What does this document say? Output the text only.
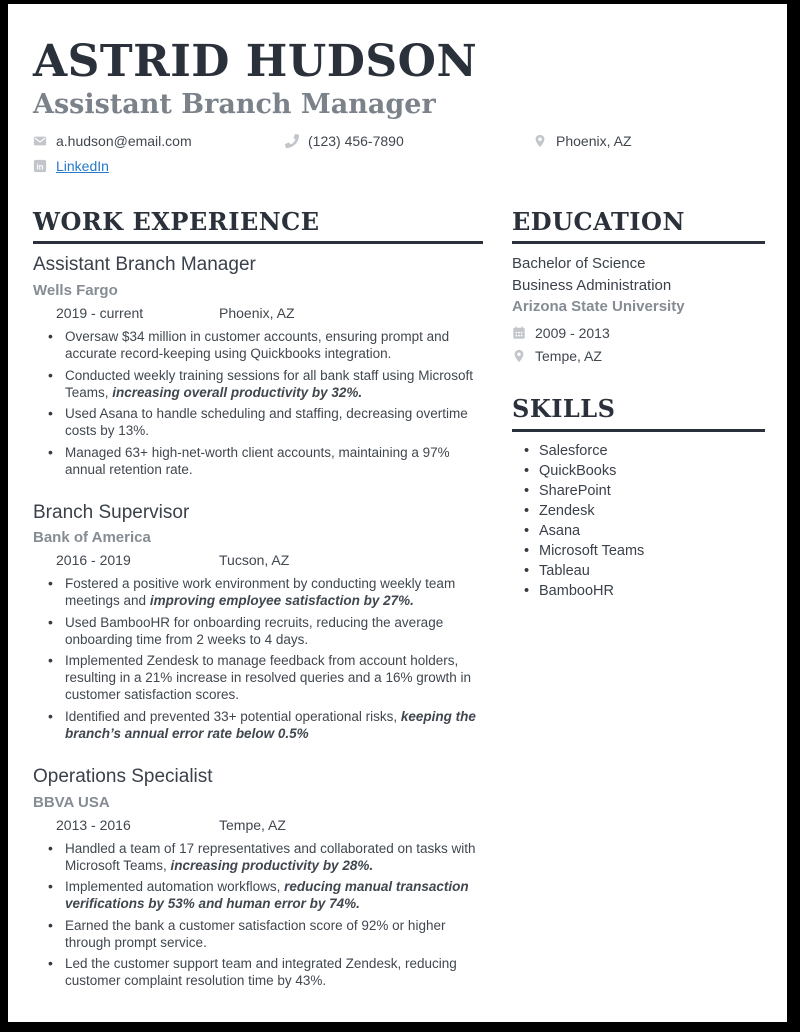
ASTRID HUDSON
Assistant Branch Manager
a.hudson@email.com	(123) 456-7890	Phoenix, AZ
in LinkedIn
WORK EXPERIENCE
Assistant Branch Manager
Wells Fargo
2019 - current	Phoenix, AZ
• Oversaw $34 million in customer accounts, ensuring prompt and accurate record-keeping using Quickbooks integration.
• Conducted weekly training sessions for all bank staff using Microsoft Teams, increasing overall productivity by 32%.
• Used Asana to handle scheduling and staffing, decreasing overtime costs by 13%.
• Managed 63+ high-net-worth client accounts, maintaining a 97% annual retention rate.
Branch Supervisor
Bank of America
2016 - 2019	Tucson, AZ
• Fostered a positive work environment by conducting weekly team meetings and improving employee satisfaction by 27%.
• Used BambooHR for onboarding recruits, reducing the average onboarding time from 2 weeks to 4 days.
• Implemented Zendesk to manage feedback from account holders, resulting in a 21% increase in resolved queries and a 16% growth in customer satisfaction scores.
• Identified and prevented 33+ potential operational risks, keeping the branch’s annual error rate below 0.5%
Operations Specialist
BBVA USA
2013 - 2016	Tempe, AZ
• Handled a team of 17 representatives and collaborated on tasks with Microsoft Teams, increasing productivity by 28%.
• Implemented automation workflows, reducing manual transaction verifications by 53% and human error by 74%.
• Earned the bank a customer satisfaction score of 92% or higher through prompt service.
• Led the customer support team and integrated Zendesk, reducing customer complaint resolution time by 43%.
EDUCATION
Bachelor of Science
Business Administration
Arizona State University
2009 - 2013
Tempe, AZ
SKILLS
• Salesforce
• QuickBooks
• SharePoint
• Zendesk
• Asana
• Microsoft Teams
• Tableau
• BambooHR
